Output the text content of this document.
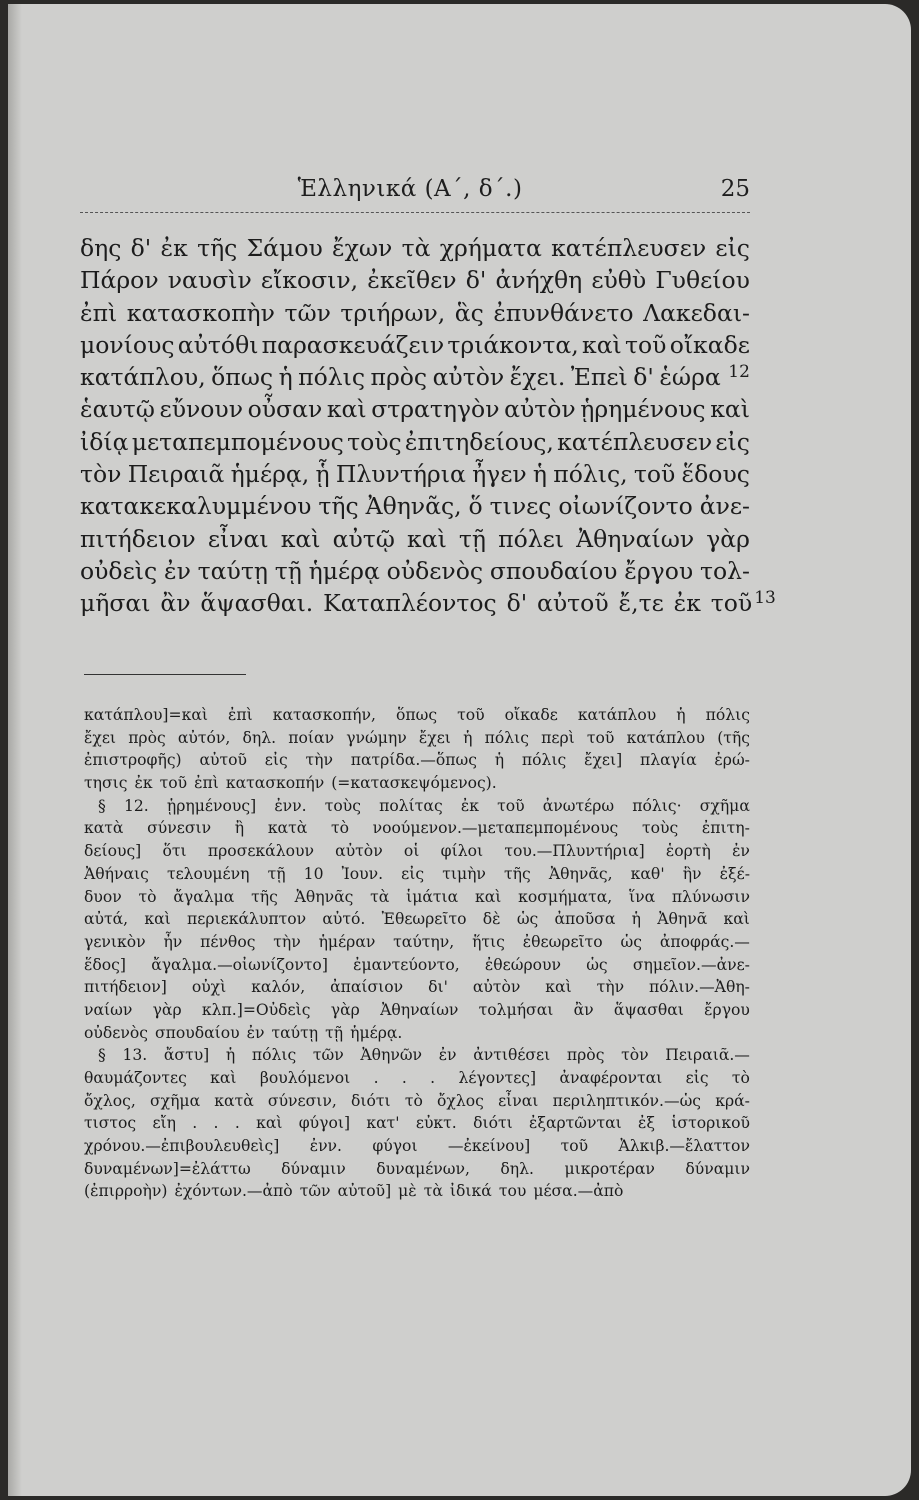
Ἑλληνικά (Α΄, δ΄.)	25
δης δ' ἐκ τῆς Σάμου ἔχων τὰ χρήματα κατέπλευσεν εἰς
Πάρον ναυσὶν εἴκοσιν, ἐκεῖθεν δ' ἀνήχθη εὐθὺ Γυθείου
ἐπὶ κατασκοπὴν τῶν τριήρων, ἃς ἐπυνθάνετο Λακεδαι-
μονίους αὐτόθι παρασκευάζειν τριάκοντα, καὶ τοῦ οἴκαδε
κατάπλου, ὅπως ἡ πόλις πρὸς αὐτὸν ἔχει. Ἐπεὶ δ' ἑώρα 12
ἑαυτῷ εὔνουν οὖσαν καὶ στρατηγὸν αὐτὸν ᾑρημένους καὶ
ἰδίᾳ μεταπεμπομένους τοὺς ἐπιτηδείους, κατέπλευσεν εἰς
τὸν Πειραιᾶ ἡμέρᾳ, ᾗ Πλυντήρια ἦγεν ἡ πόλις, τοῦ ἕδους
κατακεκαλυμμένου τῆς Ἀθηνᾶς, ὅ τινες οἰωνίζοντο ἀνε-
πιτήδειον εἶναι καὶ αὐτῷ καὶ τῇ πόλει Ἀθηναίων γὰρ
οὐδεὶς ἐν ταύτῃ τῇ ἡμέρᾳ οὐδενὸς σπουδαίου ἔργου τολ-
μῆσαι ἂν ἅψασθαι. Καταπλέοντος δ' αὐτοῦ ἔ,τε ἐκ τοῦ 13
κατάπλου]=καὶ ἐπὶ κατασκοπήν, ὅπως τοῦ οἴκαδε κατάπλου ἡ πόλις
ἔχει πρὸς αὐτόν, δηλ. ποίαν γνώμην ἔχει ἡ πόλις περὶ τοῦ κατάπλου (τῆς
ἐπιστροφῆς) αὐτοῦ εἰς τὴν πατρίδα.—ὅπως ἡ πόλις ἔχει] πλαγία ἐρώ-
τησις ἐκ τοῦ ἐπὶ κατασκοπήν (=κατασκεψόμενος).
§ 12. ᾑρημένους] ἐνν. τοὺς πολίτας ἐκ τοῦ ἀνωτέρω πόλις· σχῆμα
κατὰ σύνεσιν ἢ κατὰ τὸ νοούμενον.—μεταπεμπομένους τοὺς ἐπιτη-
δείους] ὅτι προσεκάλουν αὐτὸν οἱ φίλοι του.—Πλυντήρια] ἑορτὴ ἐν
Ἀθήναις τελουμένη τῇ 10 Ἰουν. εἰς τιμὴν τῆς Ἀθηνᾶς, καθ' ἣν ἐξέ-
δυον τὸ ἄγαλμα τῆς Ἀθηνᾶς τὰ ἱμάτια καὶ κοσμήματα, ἵνα πλύνωσιν
αὐτά, καὶ περιεκάλυπτον αὐτό. Ἐθεωρεῖτο δὲ ὡς ἀποῦσα ἡ Ἀθηνᾶ καὶ
γενικὸν ἦν πένθος τὴν ἡμέραν ταύτην, ἥτις ἐθεωρεῖτο ὡς ἀποφράς.—
ἕδος] ἄγαλμα.—οἰωνίζοντο] ἐμαντεύοντο, ἐθεώρουν ὡς σημεῖον.—ἀνε-
πιτήδειον] οὐχὶ καλόν, ἀπαίσιον δι' αὐτὸν καὶ τὴν πόλιν.—Ἀθη-
ναίων γὰρ κλπ.]=Οὐδεὶς γὰρ Ἀθηναίων τολμήσαι ἂν ἅψασθαι ἔργου
οὐδενὸς σπουδαίου ἐν ταύτῃ τῇ ἡμέρᾳ.
§ 13. ἄστυ] ἡ πόλις τῶν Ἀθηνῶν ἐν ἀντιθέσει πρὸς τὸν Πειραιᾶ.—
θαυμάζοντες καὶ βουλόμενοι . . . λέγοντες] ἀναφέρονται εἰς τὸ
ὄχλος, σχῆμα κατὰ σύνεσιν, διότι τὸ ὄχλος εἶναι περιληπτικόν.—ὡς κρά-
τιστος εἴη . . . καὶ φύγοι] κατ' εὐκτ. διότι ἐξαρτῶνται ἐξ ἱστορικοῦ
χρόνου.—ἐπιβουλευθεὶς] ἐνν. φύγοι —ἐκείνου] τοῦ Ἀλκιβ.—ἔλαττον
δυναμένων]=ἐλάττω δύναμιν δυναμένων, δηλ. μικροτέραν δύναμιν
(ἐπιρροὴν) ἐχόντων.—ἀπὸ τῶν αὐτοῦ] μὲ τὰ ἰδικά του μέσα.—ἀπὸ
